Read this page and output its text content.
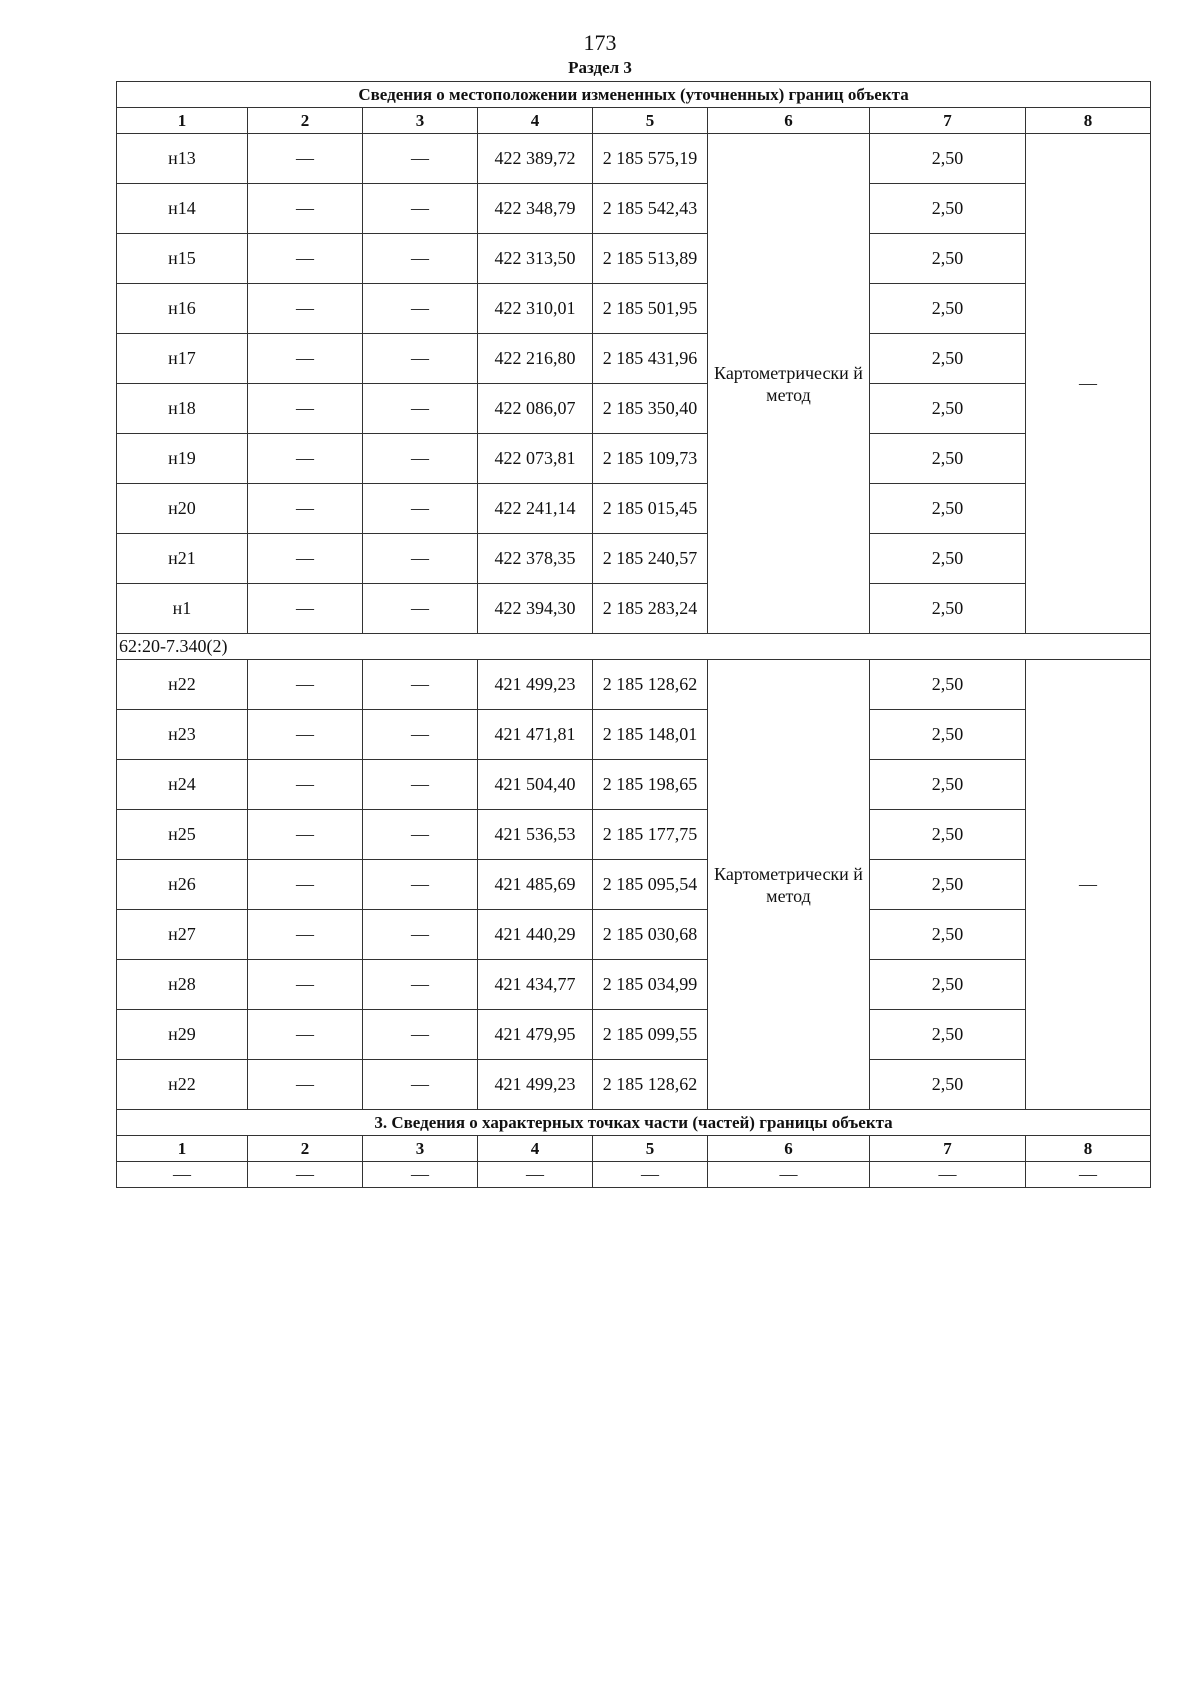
173
Раздел 3
Сведения о местоположении измененных (уточненных) границ объекта							
1	2	3	4	5	6	7	8
н13	—	—	422 389,72	2 185 575,19	Картометрически й метод	2,50	—
н14	—	—	422 348,79	2 185 542,43		2,50	
н15	—	—	422 313,50	2 185 513,89		2,50	
н16	—	—	422 310,01	2 185 501,95		2,50	
н17	—	—	422 216,80	2 185 431,96		2,50	
н18	—	—	422 086,07	2 185 350,40		2,50	
н19	—	—	422 073,81	2 185 109,73		2,50	
н20	—	—	422 241,14	2 185 015,45		2,50	
н21	—	—	422 378,35	2 185 240,57		2,50	
н1	—	—	422 394,30	2 185 283,24		2,50	
62:20-7.340(2)							
н22	—	—	421 499,23	2 185 128,62	Картометрически й метод	2,50	—
н23	—	—	421 471,81	2 185 148,01		2,50	
н24	—	—	421 504,40	2 185 198,65		2,50	
н25	—	—	421 536,53	2 185 177,75		2,50	
н26	—	—	421 485,69	2 185 095,54		2,50	
н27	—	—	421 440,29	2 185 030,68		2,50	
н28	—	—	421 434,77	2 185 034,99		2,50	
н29	—	—	421 479,95	2 185 099,55		2,50	
н22	—	—	421 499,23	2 185 128,62		2,50	
3. Сведения о характерных точках части (частей) границы объекта							
1	2	3	4	5	6	7	8
—	—	—	—	—	—	—	—
